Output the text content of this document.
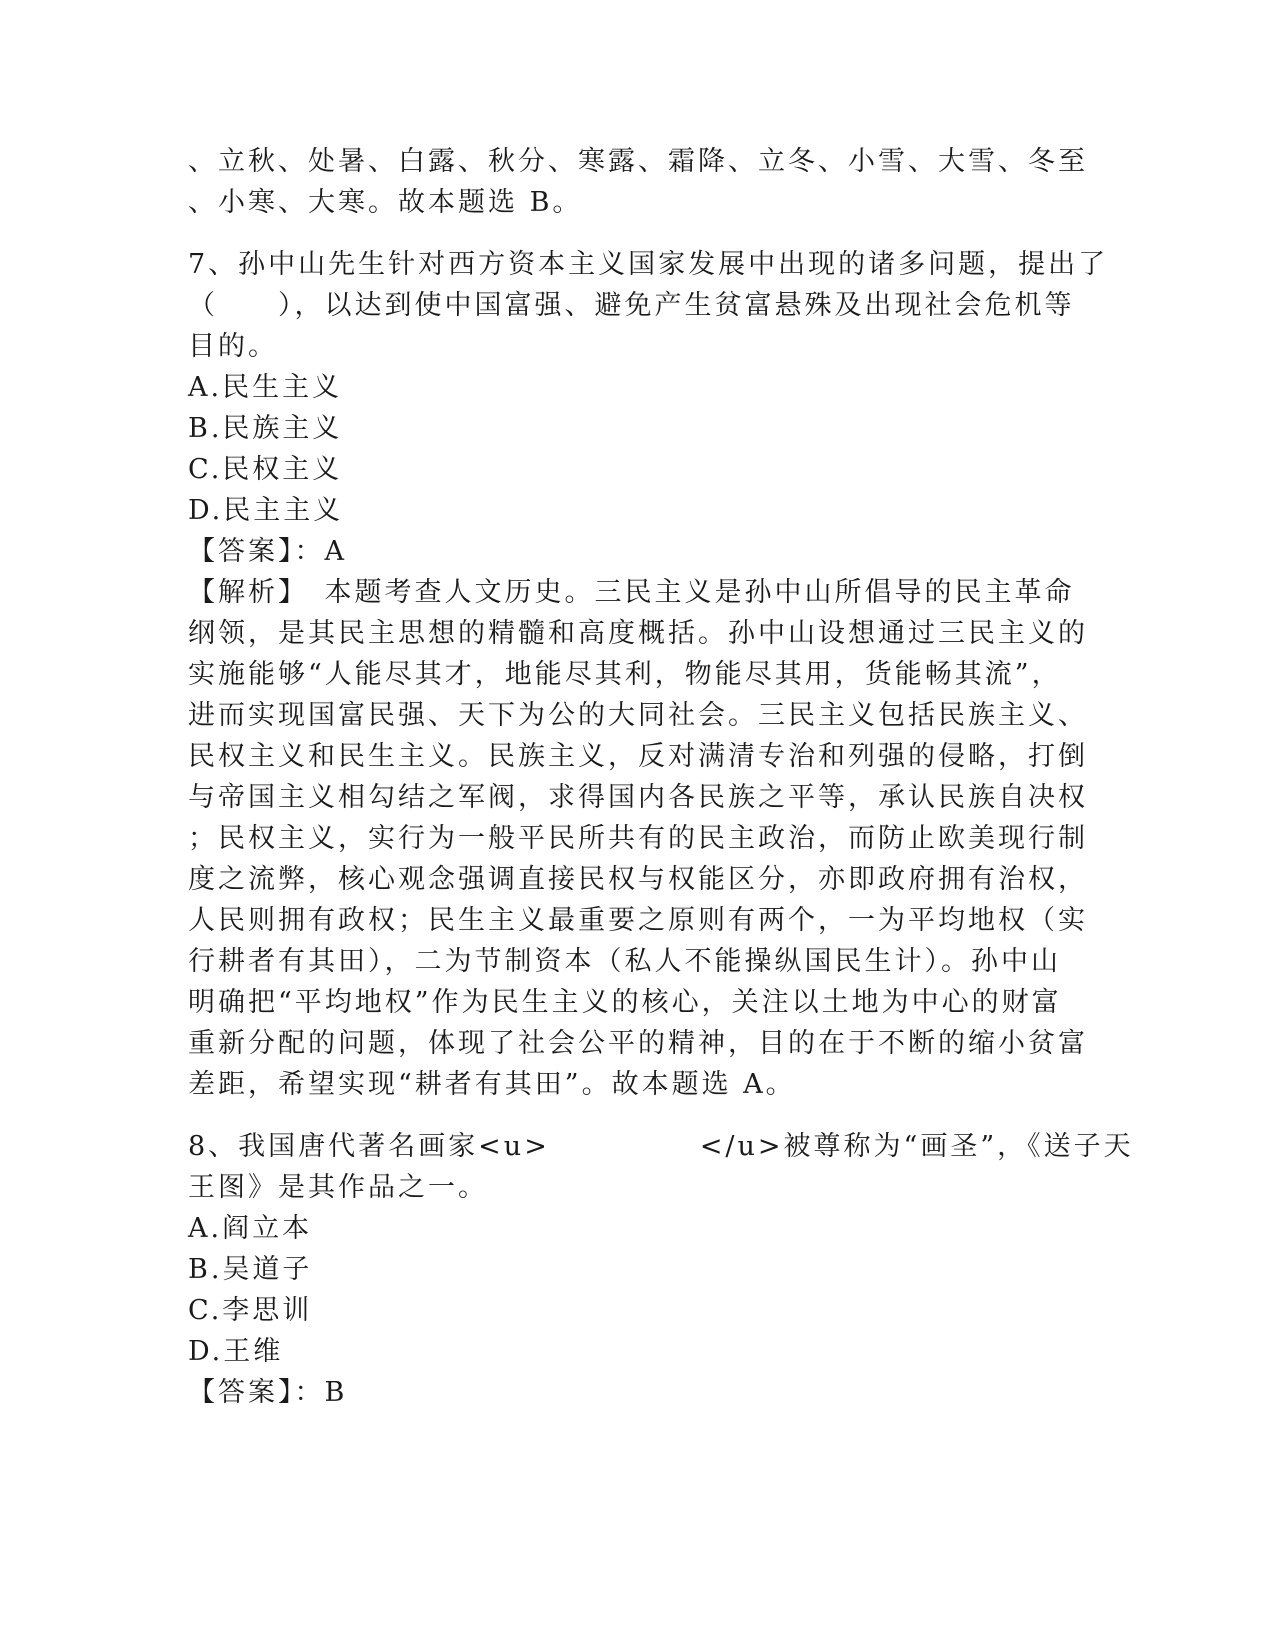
、立秋、处暑、白露、秋分、寒露、霜降、立冬、小雪、大雪、冬至
、小寒、大寒。故本题选 B。
7、孙中山先生针对西方资本主义国家发展中出现的诸多问题，提出了
（　　），以达到使中国富强、避免产生贫富悬殊及出现社会危机等
目的。
A.民生主义
B.民族主义
C.民权主义
D.民主主义
【答案】：A
【解析】　本题考查人文历史。三民主义是孙中山所倡导的民主革命
纲领，是其民主思想的精髓和高度概括。孙中山设想通过三民主义的
实施能够“人能尽其才，地能尽其利，物能尽其用，货能畅其流”，
进而实现国富民强、天下为公的大同社会。三民主义包括民族主义、
民权主义和民生主义。民族主义，反对满清专治和列强的侵略，打倒
与帝国主义相勾结之军阀，求得国内各民族之平等，承认民族自决权
；民权主义，实行为一般平民所共有的民主政治，而防止欧美现行制
度之流弊，核心观念强调直接民权与权能区分，亦即政府拥有治权，
人民则拥有政权；民生主义最重要之原则有两个，一为平均地权（实
行耕者有其田），二为节制资本（私人不能操纵国民生计）。孙中山
明确把“平均地权”作为民生主义的核心，关注以土地为中心的财富
重新分配的问题，体现了社会公平的精神，目的在于不断的缩小贫富
差距，希望实现“耕者有其田”。故本题选 A。
8、我国唐代著名画家<u>　　　　　</u>被尊称为“画圣”，《送子天
王图》是其作品之一。
A.阎立本
B.吴道子
C.李思训
D.王维
【答案】：B
